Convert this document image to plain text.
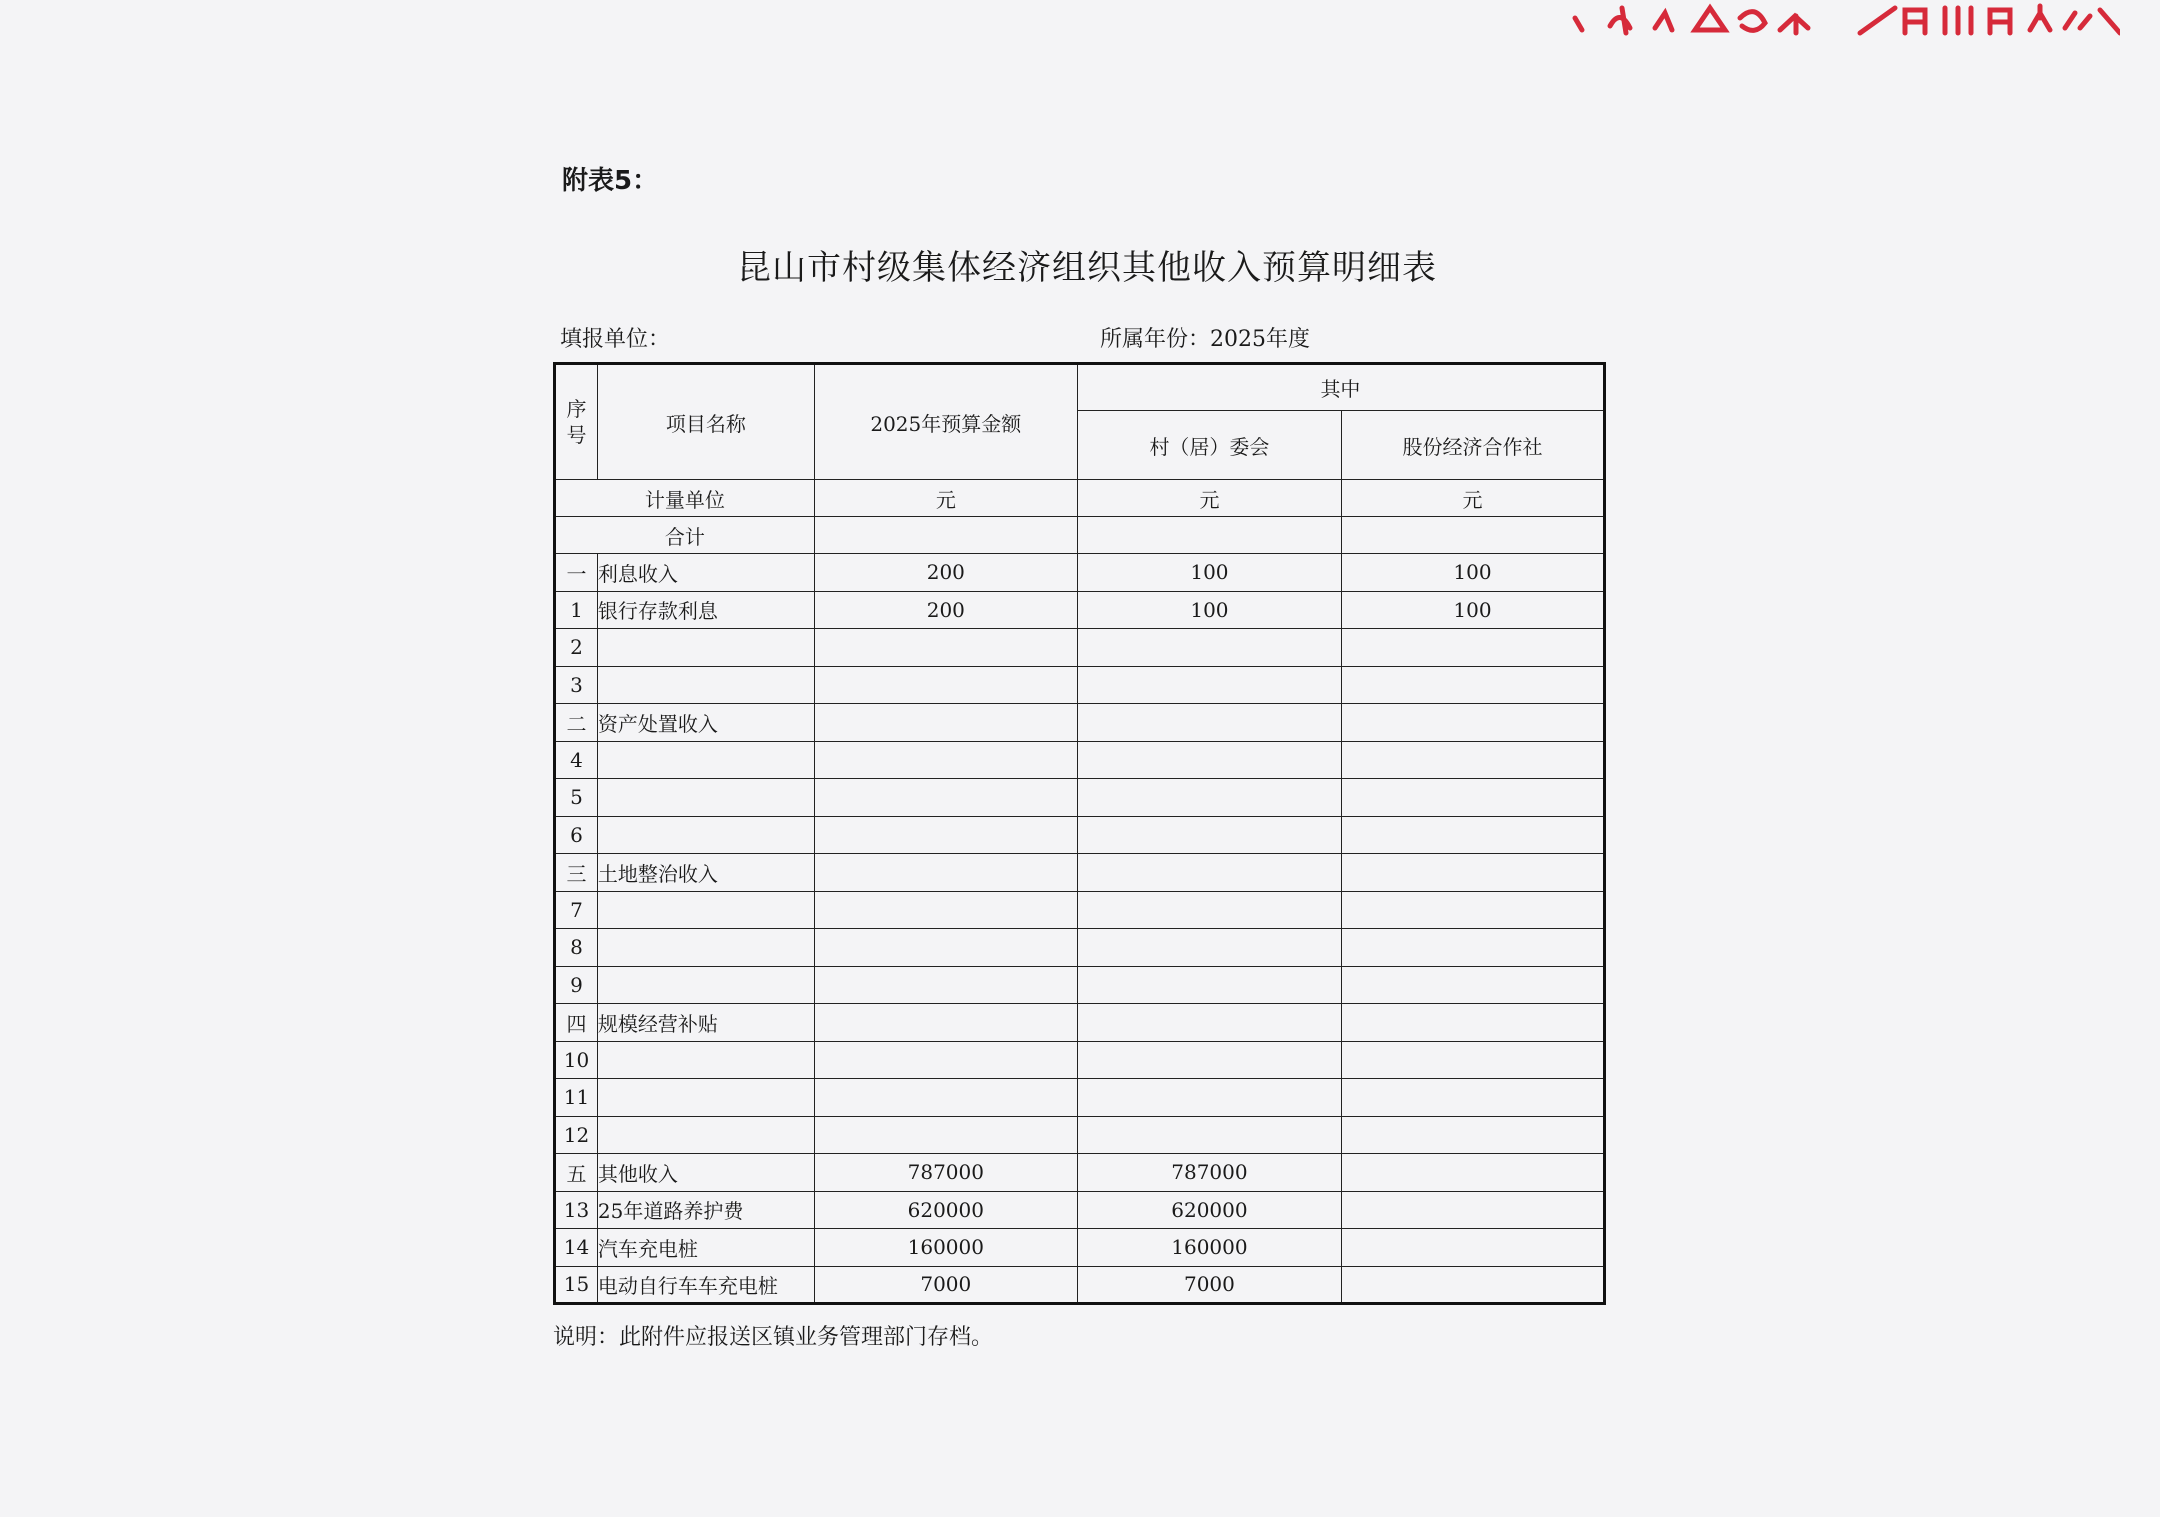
附表5：
昆山市村级集体经济组织其他收入预算明细表
填报单位：	所属年份：2025年度
序号	项目名称	2025年预算金额	其中	
			村（居）委会	股份经济合作社
计量单位		元	元	元
合计				
一	利息收入	200	100	100
1	银行存款利息	200	100	100
2				
3				
二	资产处置收入			
4				
5				
6				
三	土地整治收入			
7				
8				
9				
四	规模经营补贴			
10				
11				
12				
五	其他收入	787000	787000	
13	25年道路养护费	620000	620000	
14	汽车充电桩	160000	160000	
15	电动自行车车充电桩	7000	7000	
说明：此附件应报送区镇业务管理部门存档。
